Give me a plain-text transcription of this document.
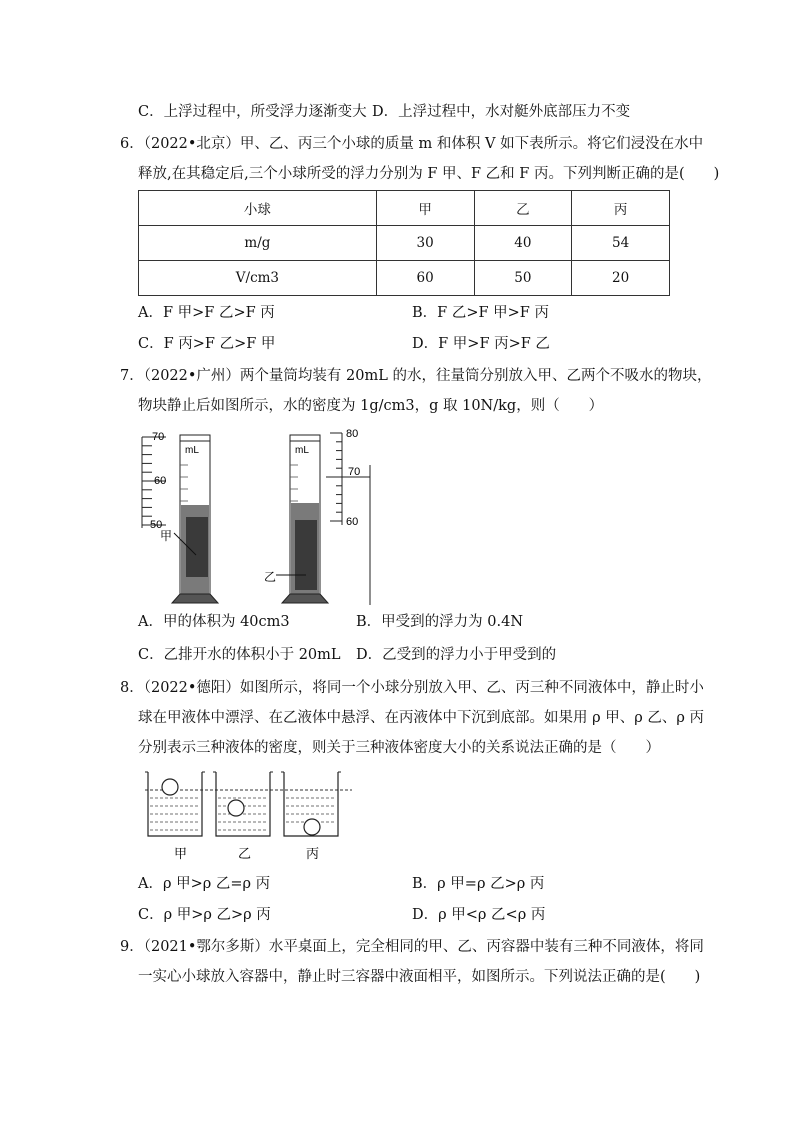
C．上浮过程中，所受浮力逐渐变大 D．上浮过程中，水对艇外底部压力不变
6．（2022•北京）甲、乙、丙三个小球的质量 m 和体积 V 如下表所示。将它们浸没在水中
释放,在其稳定后,三个小球所受的浮力分别为 F 甲、F 乙和 F 丙。下列判断正确的是(　　)
小球	甲	乙	丙
m/g	30	40	54
V/cm3	60	50	20
A．F 甲>F 乙>F 丙	B．F 乙>F 甲>F 丙
C．F 丙>F 乙>F 甲	D．F 甲>F 丙>F 乙
7．（2022•广州）两个量筒均装有 20mL 的水，往量筒分别放入甲、乙两个不吸水的物块，
物块静止后如图所示，水的密度为 1g/cm3，g 取 10N/kg，则（　　）
70
60
50
mL
甲
mL
乙
80
70
60
A．甲的体积为 40cm3	B．甲受到的浮力为 0.4N
C．乙排开水的体积小于 20mL D．乙受到的浮力小于甲受到的
8．（2022•德阳）如图所示，将同一个小球分别放入甲、乙、丙三种不同液体中，静止时小
球在甲液体中漂浮、在乙液体中悬浮、在丙液体中下沉到底部。如果用 ρ 甲、ρ 乙、ρ 丙
分别表示三种液体的密度，则关于三种液体密度大小的关系说法正确的是（　　）
甲	乙	丙
A．ρ 甲>ρ 乙=ρ 丙	B．ρ 甲=ρ 乙>ρ 丙
C．ρ 甲>ρ 乙>ρ 丙	D．ρ 甲<ρ 乙<ρ 丙
9．（2021•鄂尔多斯）水平桌面上，完全相同的甲、乙、丙容器中装有三种不同液体，将同
一实心小球放入容器中，静止时三容器中液面相平，如图所示。下列说法正确的是(　　)
